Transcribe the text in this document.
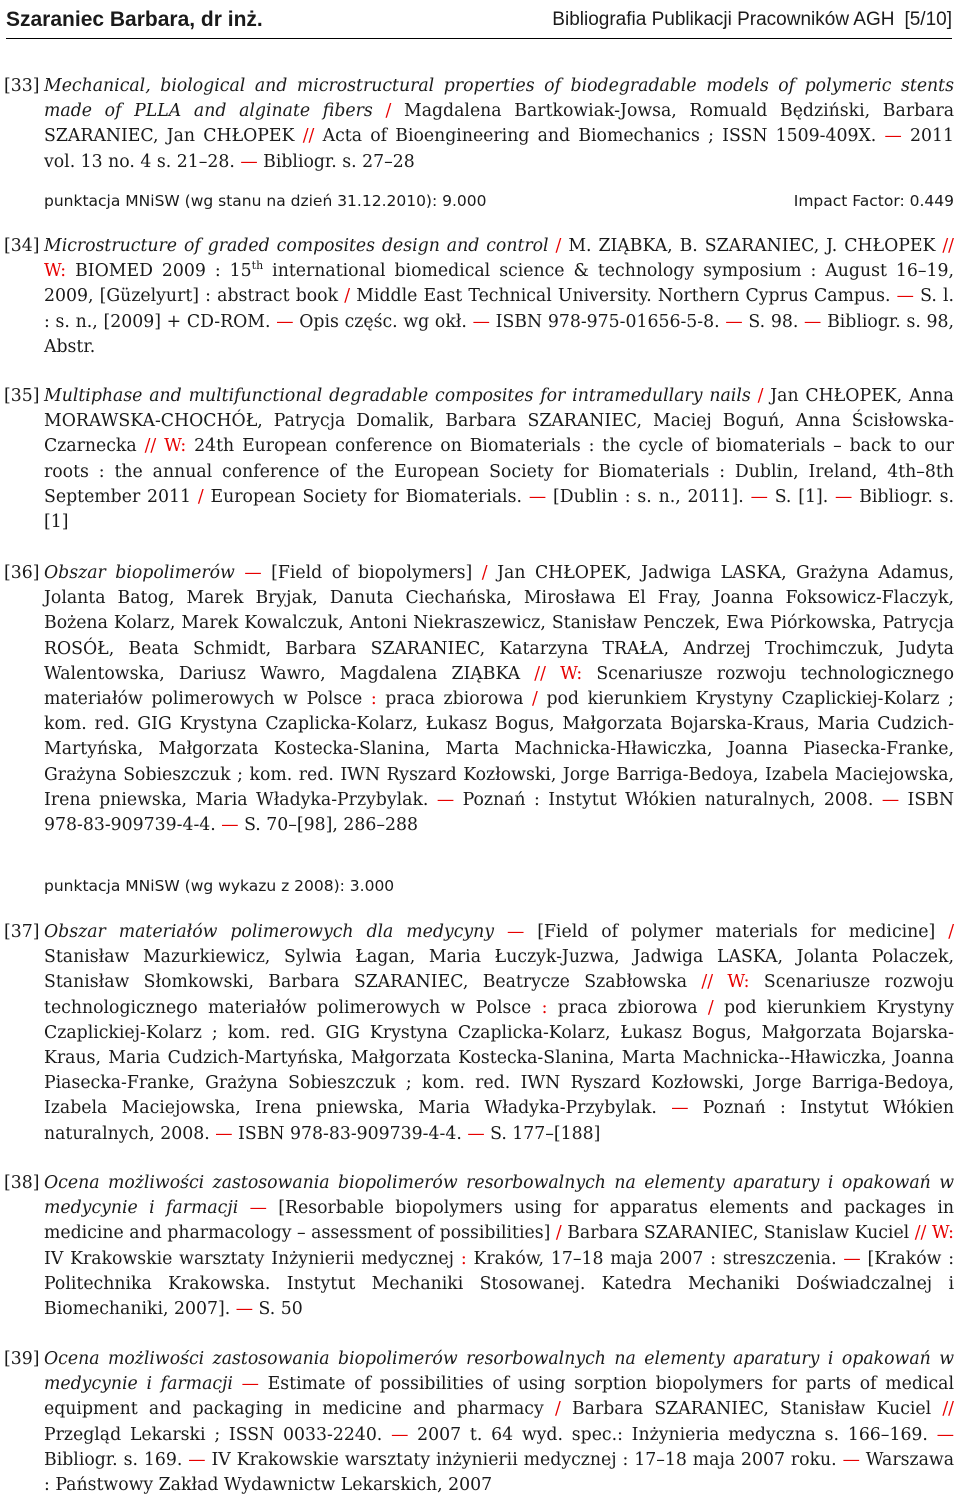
Szaraniec Barbara, dr inż.	Bibliografia Publikacji Pracowników AGH [5/10]
[33] Mechanical, biological and microstructural properties of biodegradable models of polymeric stents made of PLLA and alginate fibers / Magdalena Bartkowiak-Jowsa, Romuald Będziński, Barbara SZARANIEC, Jan CHŁOPEK // Acta of Bioengineering and Biomechanics ; ISSN 1509-409X. — 2011 vol. 13 no. 4 s. 21–28. — Bibliogr. s. 27–28
punktacja MNiSW (wg stanu na dzień 31.12.2010): 9.000	Impact Factor: 0.449
[34] Microstructure of graded composites design and control / M. ZIĄBKA, B. SZARANIEC, J. CHŁOPEK // W: BIOMED 2009 : 15th international biomedical science & technology symposium : August 16–19, 2009, [Güzelyurt] : abstract book / Middle East Technical University. Northern Cyprus Campus. — S. l. : s. n., [2009] + CD-ROM. — Opis częśc. wg okł. — ISBN 978-975-01656-5-8. — S. 98. — Bibliogr. s. 98, Abstr.
[35] Multiphase and multifunctional degradable composites for intramedullary nails / Jan CHŁOPEK, Anna MORAWSKA-CHOCHÓŁ, Patrycja Domalik, Barbara SZARANIEC, Maciej Boguń, Anna Ścisłowska-Czarnecka // W: 24th European conference on Biomaterials : the cycle of biomaterials – back to our roots : the annual conference of the European Society for Biomaterials : Dublin, Ireland, 4th–8th September 2011 / European Society for Biomaterials. — [Dublin : s. n., 2011]. — S. [1]. — Bibliogr. s. [1]
[36] Obszar biopolimerów — [Field of biopolymers] / Jan CHŁOPEK, Jadwiga LASKA, Grażyna Adamus, Jolanta Batog, Marek Bryjak, Danuta Ciechańska, Mirosława El Fray, Joanna Foksowicz-Flaczyk, Bożena Kolarz, Marek Kowalczuk, Antoni Niekraszewicz, Stanisław Penczek, Ewa Piórkowska, Patrycja ROSÓŁ, Beata Schmidt, Barbara SZARANIEC, Katarzyna TRAŁA, Andrzej Trochimczuk, Judyta Walentowska, Dariusz Wawro, Magdalena ZIĄBKA // W: Scenariusze rozwoju technologicznego materiałów polimerowych w Polsce : praca zbiorowa / pod kierunkiem Krystyny Czaplickiej-Kolarz ; kom. red. GIG Krystyna Czaplicka-Kolarz, Łukasz Bogus, Małgorzata Bojarska-Kraus, Maria Cudzich-Martyńska, Małgorzata Kostecka-Slanina, Marta Machnicka-Hławiczka, Joanna Piasecka-Franke, Grażyna Sobieszczuk ; kom. red. IWN Ryszard Kozłowski, Jorge Barriga-Bedoya, Izabela Maciejowska, Irena pniewska, Maria Władyka-Przybylak. — Poznań : Instytut Włókien naturalnych, 2008. — ISBN 978-83-909739-4-4. — S. 70–[98], 286–288
punktacja MNiSW (wg wykazu z 2008): 3.000
[37] Obszar materiałów polimerowych dla medycyny — [Field of polymer materials for medicine] / Stanisław Mazurkiewicz, Sylwia Łagan, Maria Łuczyk-Juzwa, Jadwiga LASKA, Jolanta Polaczek, Stanisław Słomkowski, Barbara SZARANIEC, Beatrycze Szabłowska // W: Scenariusze rozwoju technologicznego materiałów polimerowych w Polsce : praca zbiorowa / pod kierunkiem Krystyny Czaplickiej-Kolarz ; kom. red. GIG Krystyna Czaplicka-Kolarz, Łukasz Bogus, Małgorzata Bojarska-Kraus, Maria Cudzich-Martyńska, Małgorzata Kostecka-Slanina, Marta Machnicka--Hławiczka, Joanna Piasecka-Franke, Grażyna Sobieszczuk ; kom. red. IWN Ryszard Kozłowski, Jorge Barriga-Bedoya, Izabela Maciejowska, Irena pniewska, Maria Władyka-Przybylak. — Poznań : Instytut Włókien naturalnych, 2008. — ISBN 978-83-909739-4-4. — S. 177–[188]
[38] Ocena możliwości zastosowania biopolimerów resorbowalnych na elementy aparatury i opakowań w medycynie i farmacji — [Resorbable biopolymers using for apparatus elements and packages in medicine and pharmacology – assessment of possibilities] / Barbara SZARANIEC, Stanislaw Kuciel // W: IV Krakowskie warsztaty Inżynierii medycznej : Kraków, 17–18 maja 2007 : streszczenia. — [Kraków : Politechnika Krakowska. Instytut Mechaniki Stosowanej. Katedra Mechaniki Doświadczalnej i Biomechaniki, 2007]. — S. 50
[39] Ocena możliwości zastosowania biopolimerów resorbowalnych na elementy aparatury i opakowań w medycynie i farmacji — Estimate of possibilities of using sorption biopolymers for parts of medical equipment and packaging in medicine and pharmacy / Barbara SZARANIEC, Stanisław Kuciel // Przegląd Lekarski ; ISSN 0033-2240. — 2007 t. 64 wyd. spec.: Inżynieria medyczna s. 166–169. — Bibliogr. s. 169. — IV Krakowskie warsztaty inżynierii medycznej : 17–18 maja 2007 roku. — Warszawa : Państwowy Zakład Wydawnictw Lekarskich, 2007
